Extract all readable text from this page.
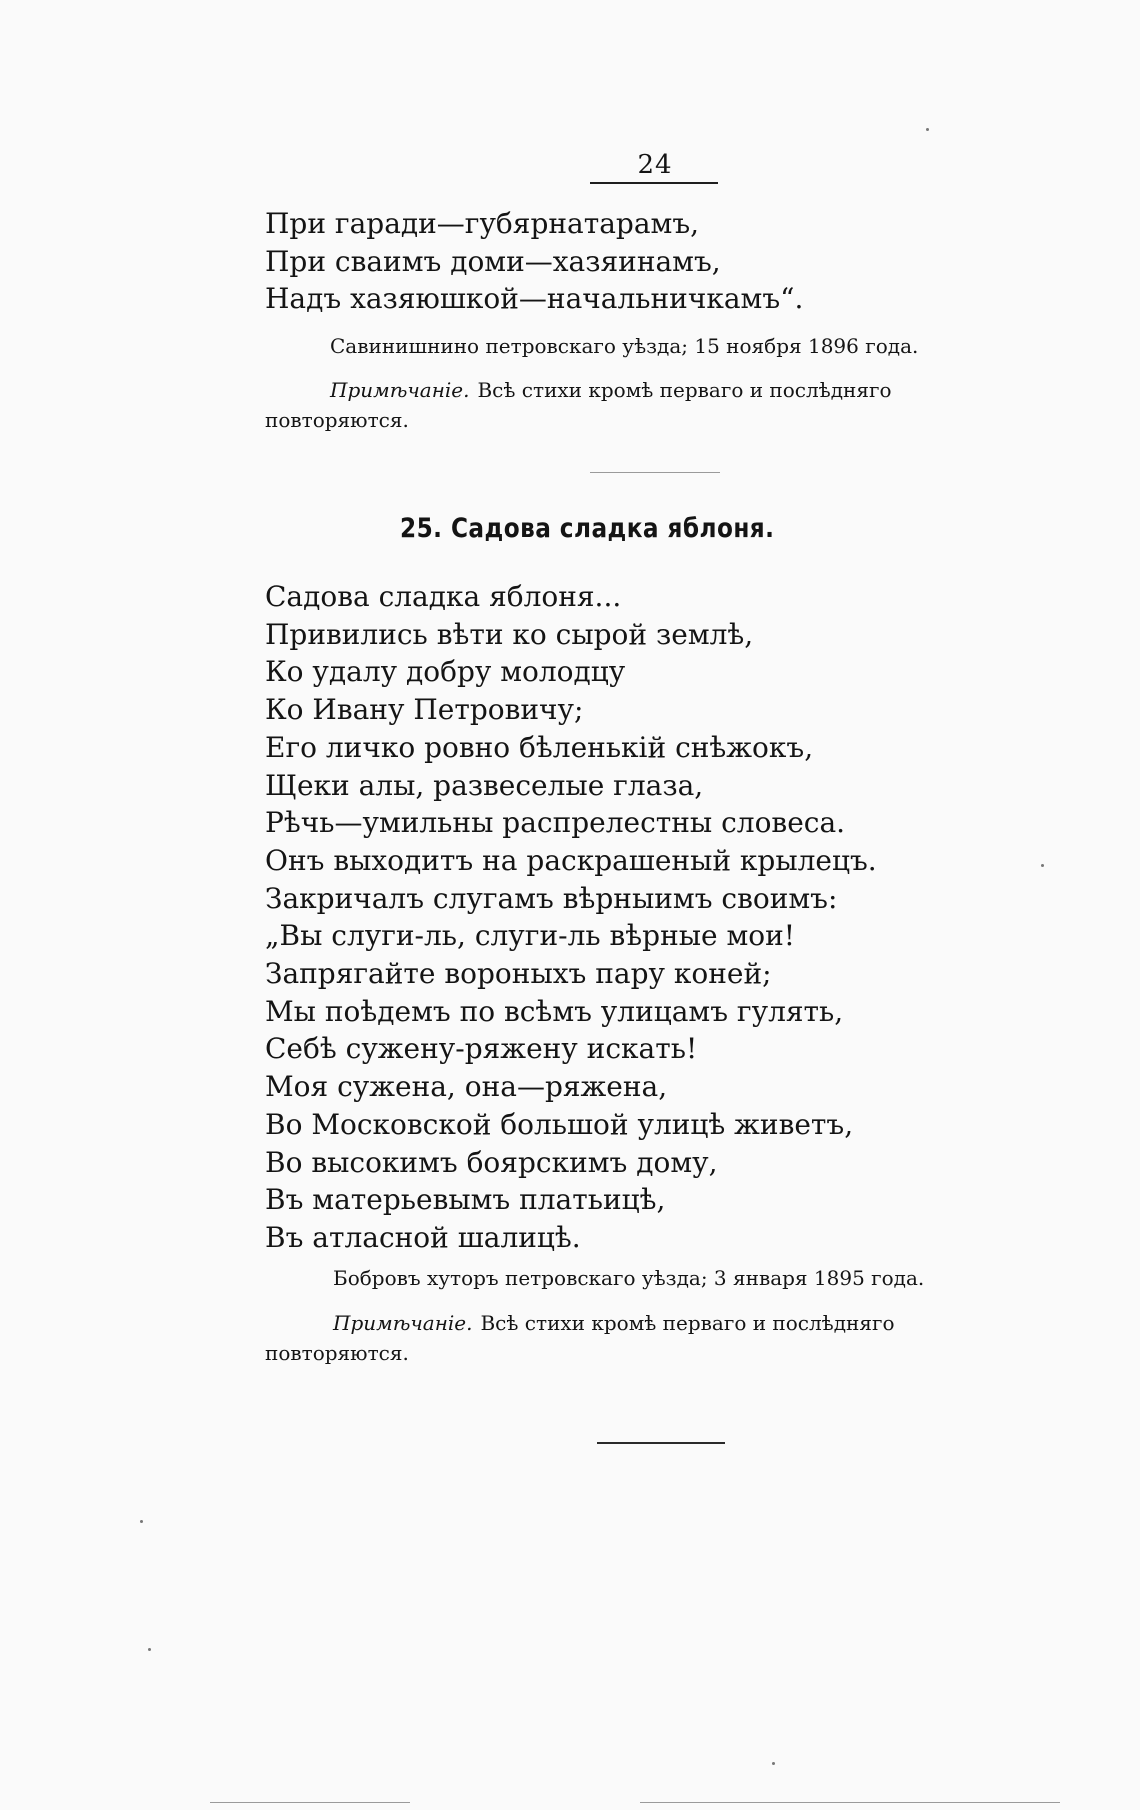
24
При гаради—губярнатарамъ,
При сваимъ доми—хазяинамъ,
Надъ хазяюшкой—начальничкамъ“.
Савинишнино петровскаго уѣзда; 15 ноября 1896 года.
Примѣчаніе. Всѣ стихи кромѣ перваго и послѣдняго повторяются.
25. Садова сладка яблоня.
Садова сладка яблоня...
Привились вѣти ко сырой землѣ,
Ко удалу добру молодцу
Ко Ивану Петровичу;
Его личко ровно бѣленькій снѣжокъ,
Щеки алы, развеселые глаза,
Рѣчь—умильны распрелестны словеса.
Онъ выходитъ на раскрашеный крылецъ.
Закричалъ слугамъ вѣрныимъ своимъ:
„Вы слуги-ль, слуги-ль вѣрные мои!
Запрягайте вороныхъ пару коней;
Мы поѣдемъ по всѣмъ улицамъ гулять,
Себѣ сужену-ряжену искать!
Моя сужена, она—ряжена,
Во Московской большой улицѣ живетъ,
Во высокимъ боярскимъ дому,
Въ матерьевымъ платьицѣ,
Въ атласной шалицѣ.
Бобровъ хуторъ петровскаго уѣзда; 3 января 1895 года.
Примѣчаніе. Всѣ стихи кромѣ перваго и послѣдняго повторяются.
